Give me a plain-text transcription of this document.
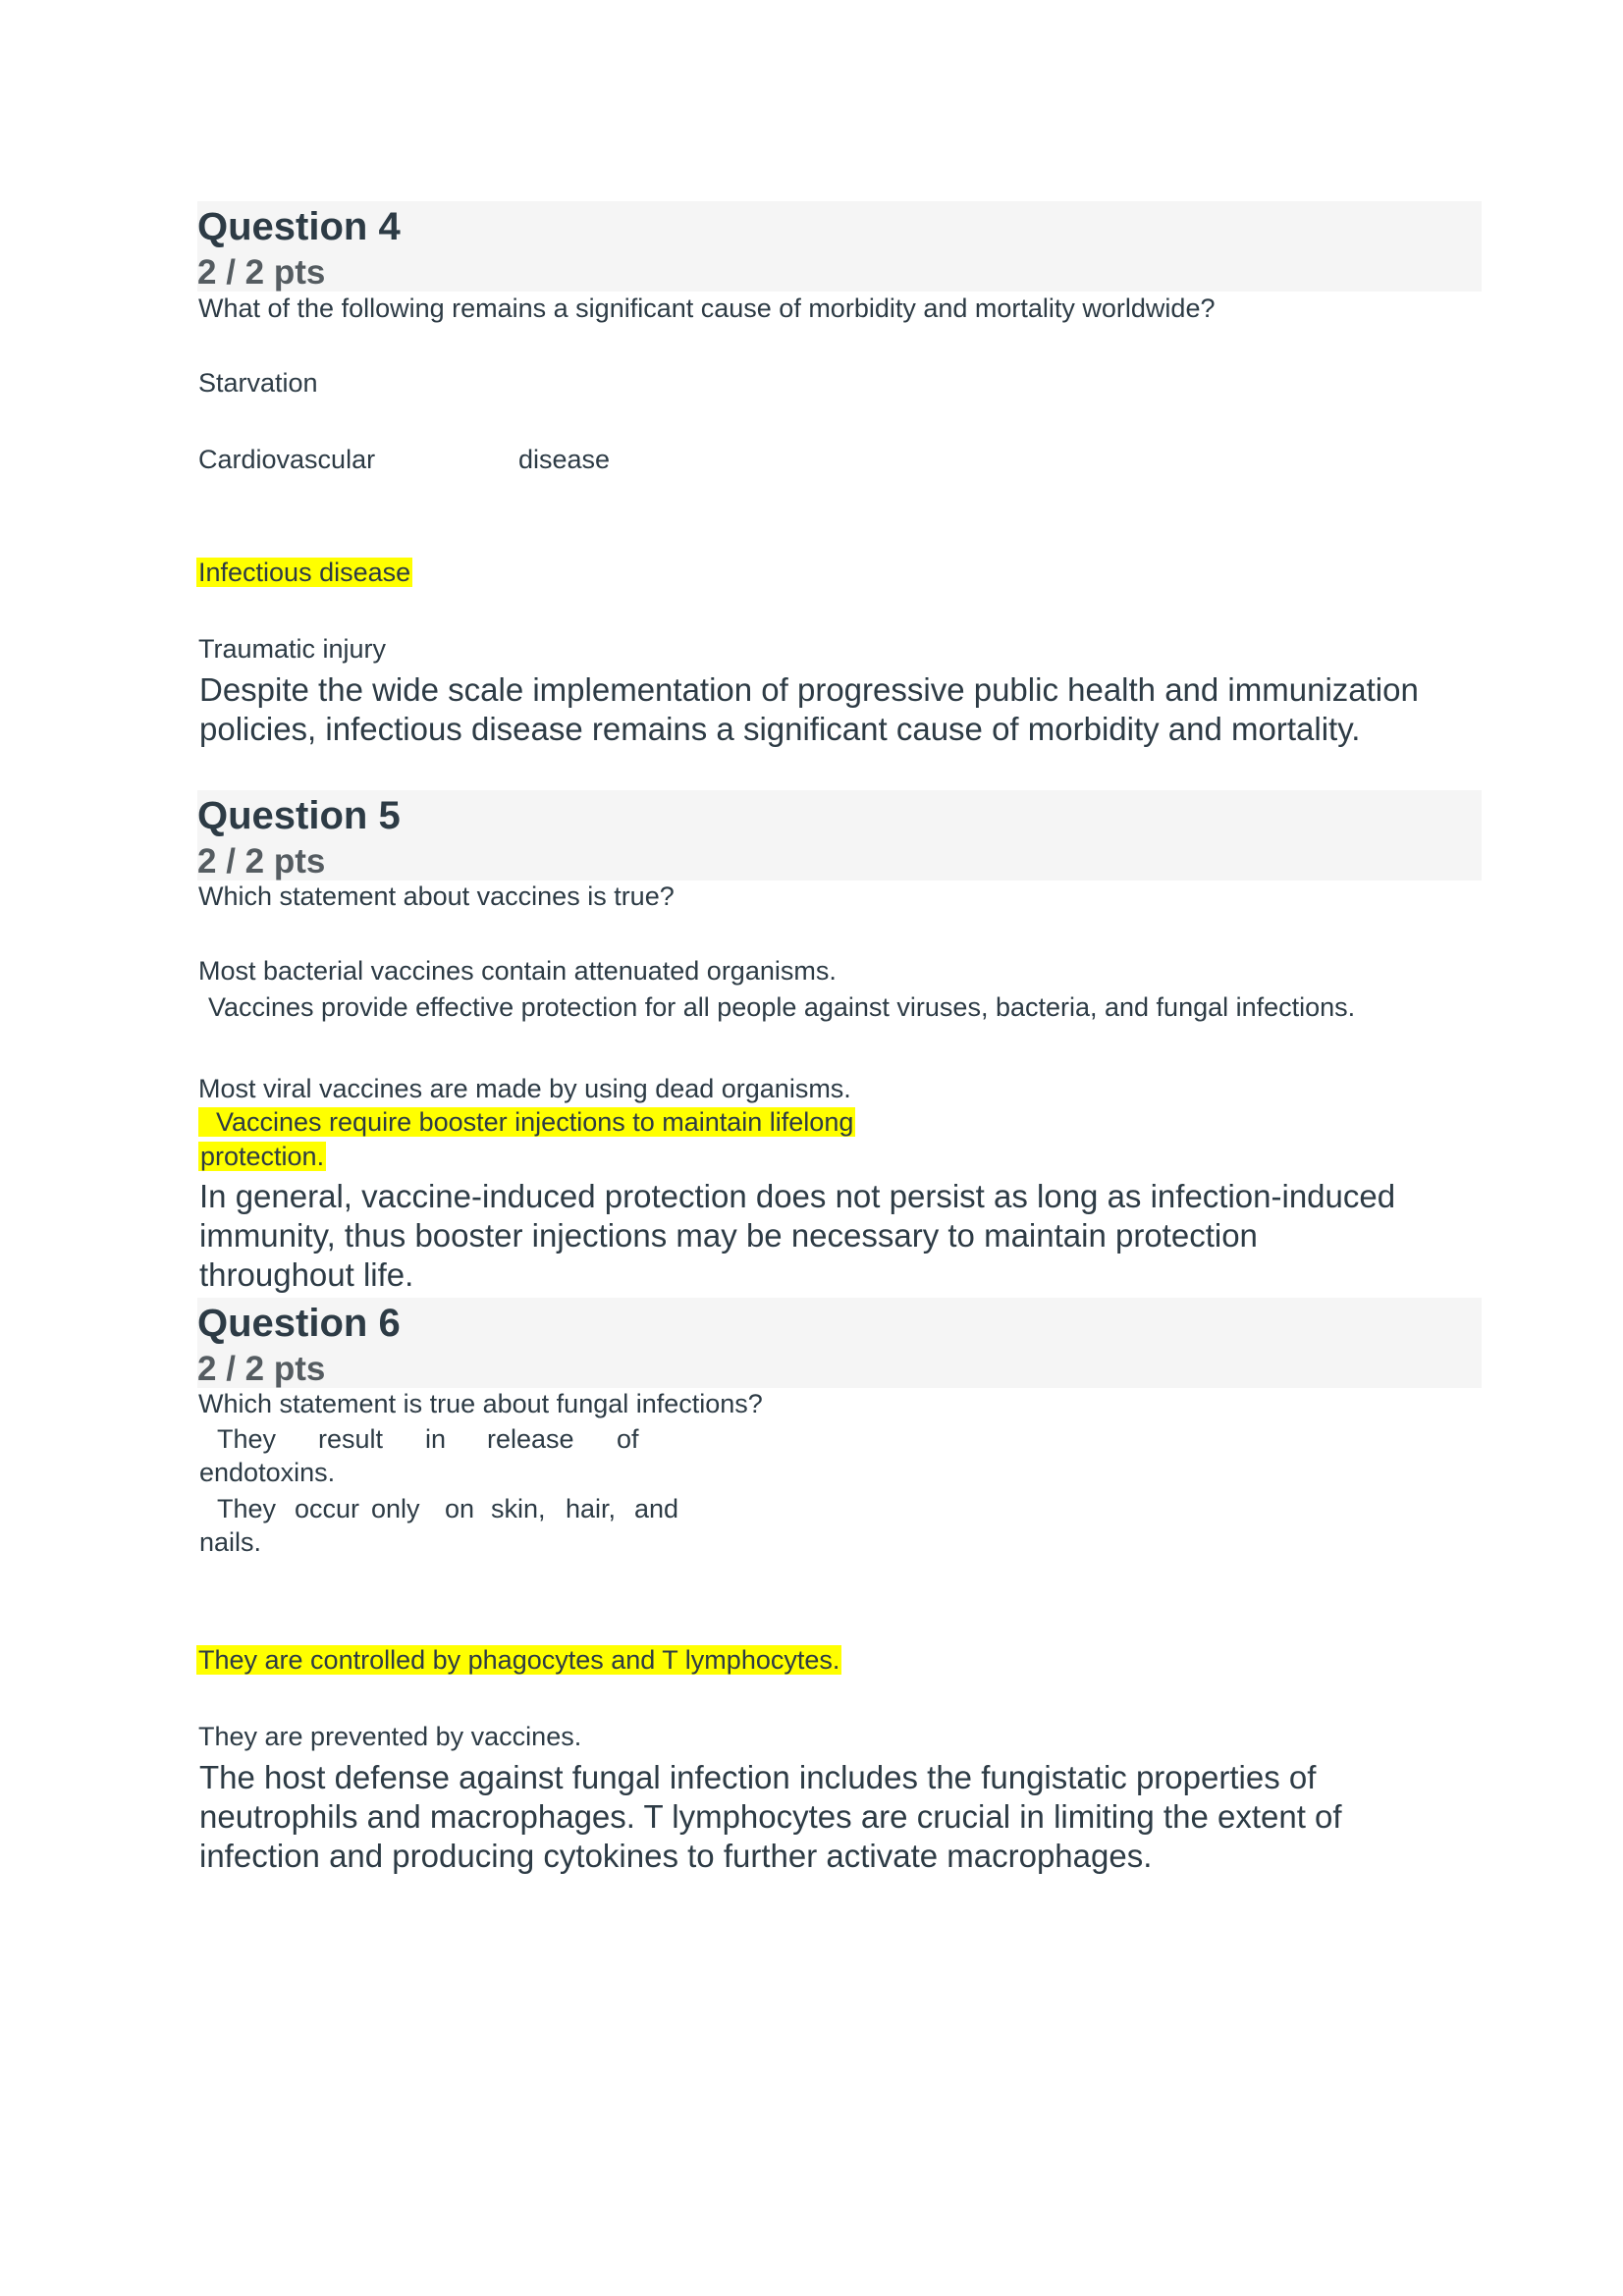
Question 4
2 / 2 pts
What of the following remains a significant cause of morbidity and mortality worldwide?
Starvation
Cardiovascular	disease
Infectious disease
Traumatic injury
Despite the wide scale implementation of progressive public health and immunization
policies, infectious disease remains a significant cause of morbidity and mortality.
Question 5
2 / 2 pts
Which statement about vaccines is true?
Most bacterial vaccines contain attenuated organisms.
Vaccines provide effective protection for all people against viruses, bacteria, and fungal infections.
Most viral vaccines are made by using dead organisms.
Vaccines require booster injections to maintain lifelong
protection.
In general, vaccine-induced protection does not persist as long as infection-induced
immunity, thus booster injections may be necessary to maintain protection
throughout life.
Question 6
2 / 2 pts
Which statement is true about fungal infections?
They result in release of
endotoxins.
They occur only on skin, hair, and
nails.
They are controlled by phagocytes and T lymphocytes.
They are prevented by vaccines.
The host defense against fungal infection includes the fungistatic properties of
neutrophils and macrophages. T lymphocytes are crucial in limiting the extent of
infection and producing cytokines to further activate macrophages.
